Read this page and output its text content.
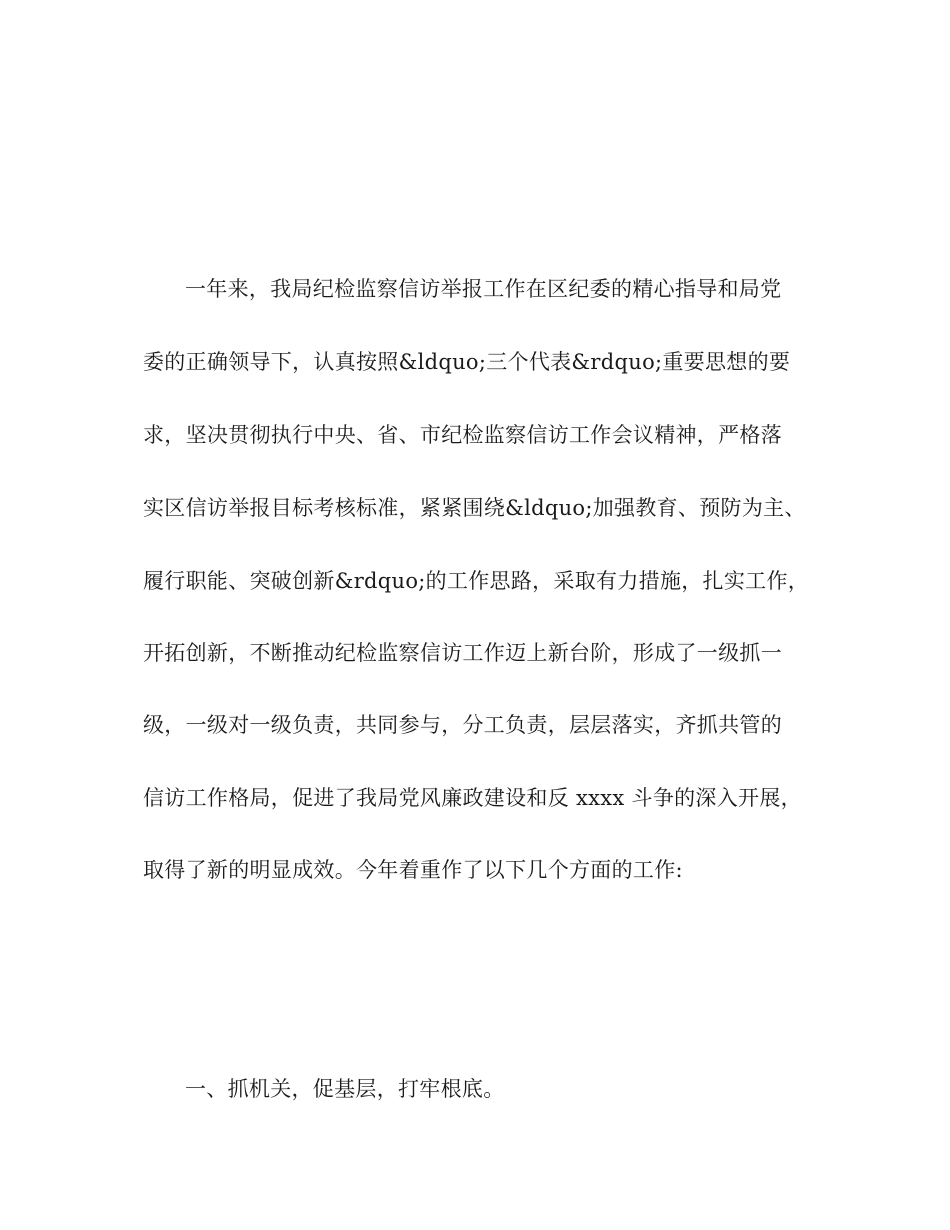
一年来，我局纪检监察信访举报工作在区纪委的精心指导和局党
委的正确领导下，认真按照&ldquo;三个代表&rdquo;重要思想的要
求，坚决贯彻执行中央、省、市纪检监察信访工作会议精神，严格落
实区信访举报目标考核标准，紧紧围绕&ldquo;加强教育、预防为主、
履行职能、突破创新&rdquo;的工作思路，采取有力措施，扎实工作，
开拓创新，不断推动纪检监察信访工作迈上新台阶，形成了一级抓一
级，一级对一级负责，共同参与，分工负责，层层落实，齐抓共管的
信访工作格局，促进了我局党风廉政建设和反 xxxx 斗争的深入开展，
取得了新的明显成效。今年着重作了以下几个方面的工作:
一、抓机关，促基层，打牢根底。
